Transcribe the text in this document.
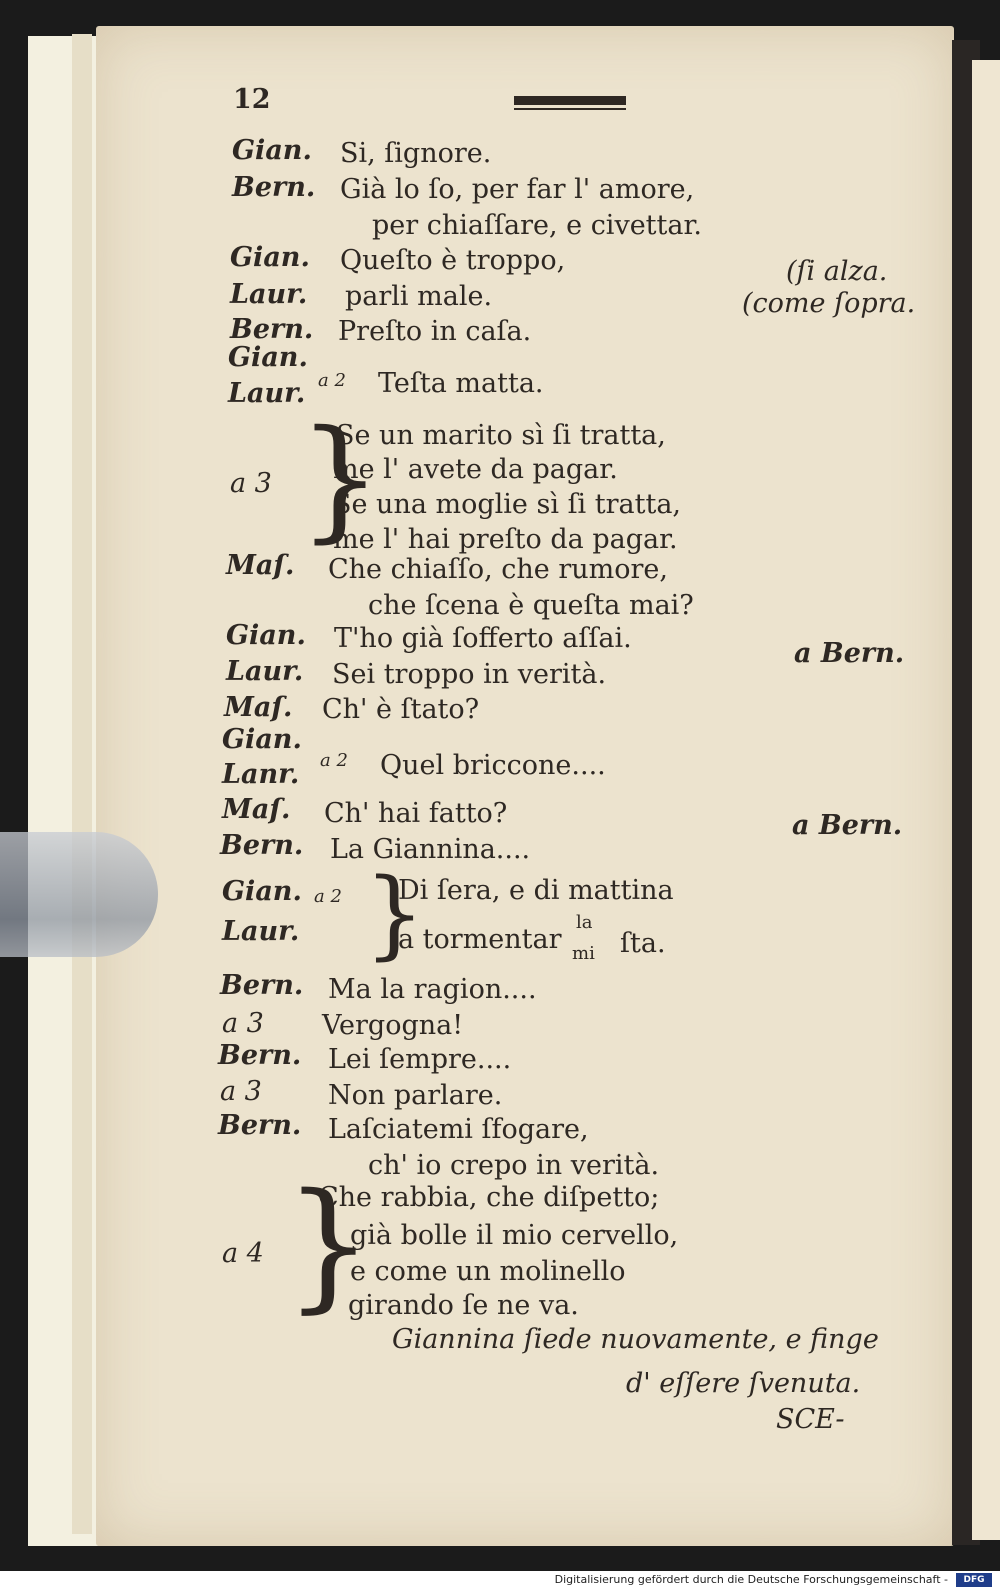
12
Gian.
Bern.
Gian.
Laur.
Bern.
Gian.
Laur.
a 3
Maſ.
Gian.
Laur.
Maſ.
Gian.
Lanr.
Maſ.
Bern.
Gian.
Laur.
Bern.
a 3
Bern.
a 3
Bern.
a 4
a 2
a 2
a 2
}
}
}
Si, ſignore.
Già lo ſo, per far l' amore,
per chiaſſare, e civettar.
Queſto è troppo,
parli male.
Preſto in caſa.
Teſta matta.
Se un marito sì ſi tratta,
me l' avete da pagar.
Se una moglie sì ſi tratta,
me l' hai preſto da pagar.
Che chiaſſo, che rumore,
che ſcena è queſta mai?
T'ho già ſofferto aſſai.
Sei troppo in verità.
Ch' è ſtato?
Quel briccone....
Ch' hai fatto?
La Giannina....
Di ſera, e di mattina
a tormentar
la
mi ſta.
Ma la ragion....
Vergogna!
Lei ſempre....
Non parlare.
Laſciatemi ſfogare,
ch' io crepo in verità.
Che rabbia, che diſpetto;
già bolle il mio cervello,
e come un molinello
girando ſe ne va.
(ſi alza.
(come ſopra.
a Bern.
a Bern.
Giannina ſiede nuovamente, e finge
d' eſſere ſvenuta.
SCE-
Digitalisierung gefördert durch die Deutsche Forschungsgemeinschaft -	DFG
